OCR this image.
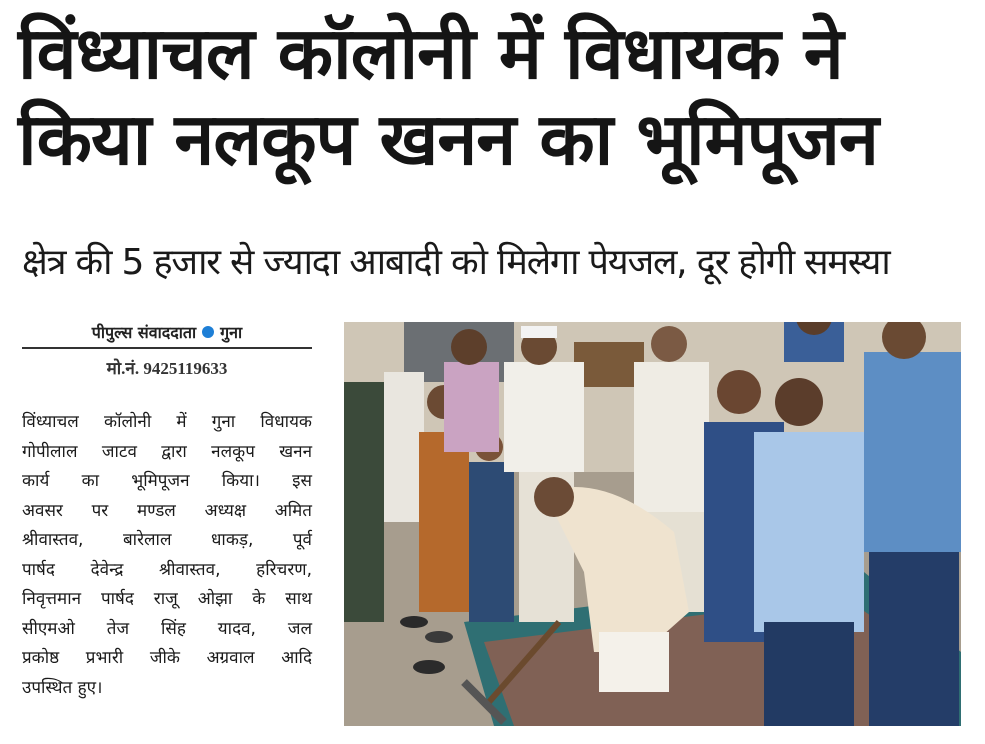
विंध्याचल कॉलोनी में विधायक ने
किया नलकूप खनन का भूमिपूजन
क्षेत्र की 5 हजार से ज्यादा आबादी को मिलेगा पेयजल, दूर होगी समस्या
पीपुल्स संवाददाता गुना
मो.नं. 9425119633
विंध्याचल कॉलोनी में गुना विधायक
गोपीलाल जाटव द्वारा नलकूप खनन
कार्य का भूमिपूजन किया। इस
अवसर पर मण्डल अध्यक्ष अमित
श्रीवास्तव, बारेलाल धाकड़, पूर्व
पार्षद देवेन्द्र श्रीवास्तव, हरिचरण,
निवृत्तमान पार्षद राजू ओझा के साथ
सीएमओ तेज सिंह यादव, जल
प्रकोष्ठ प्रभारी जीके अग्रवाल आदि
उपस्थित हुए।
